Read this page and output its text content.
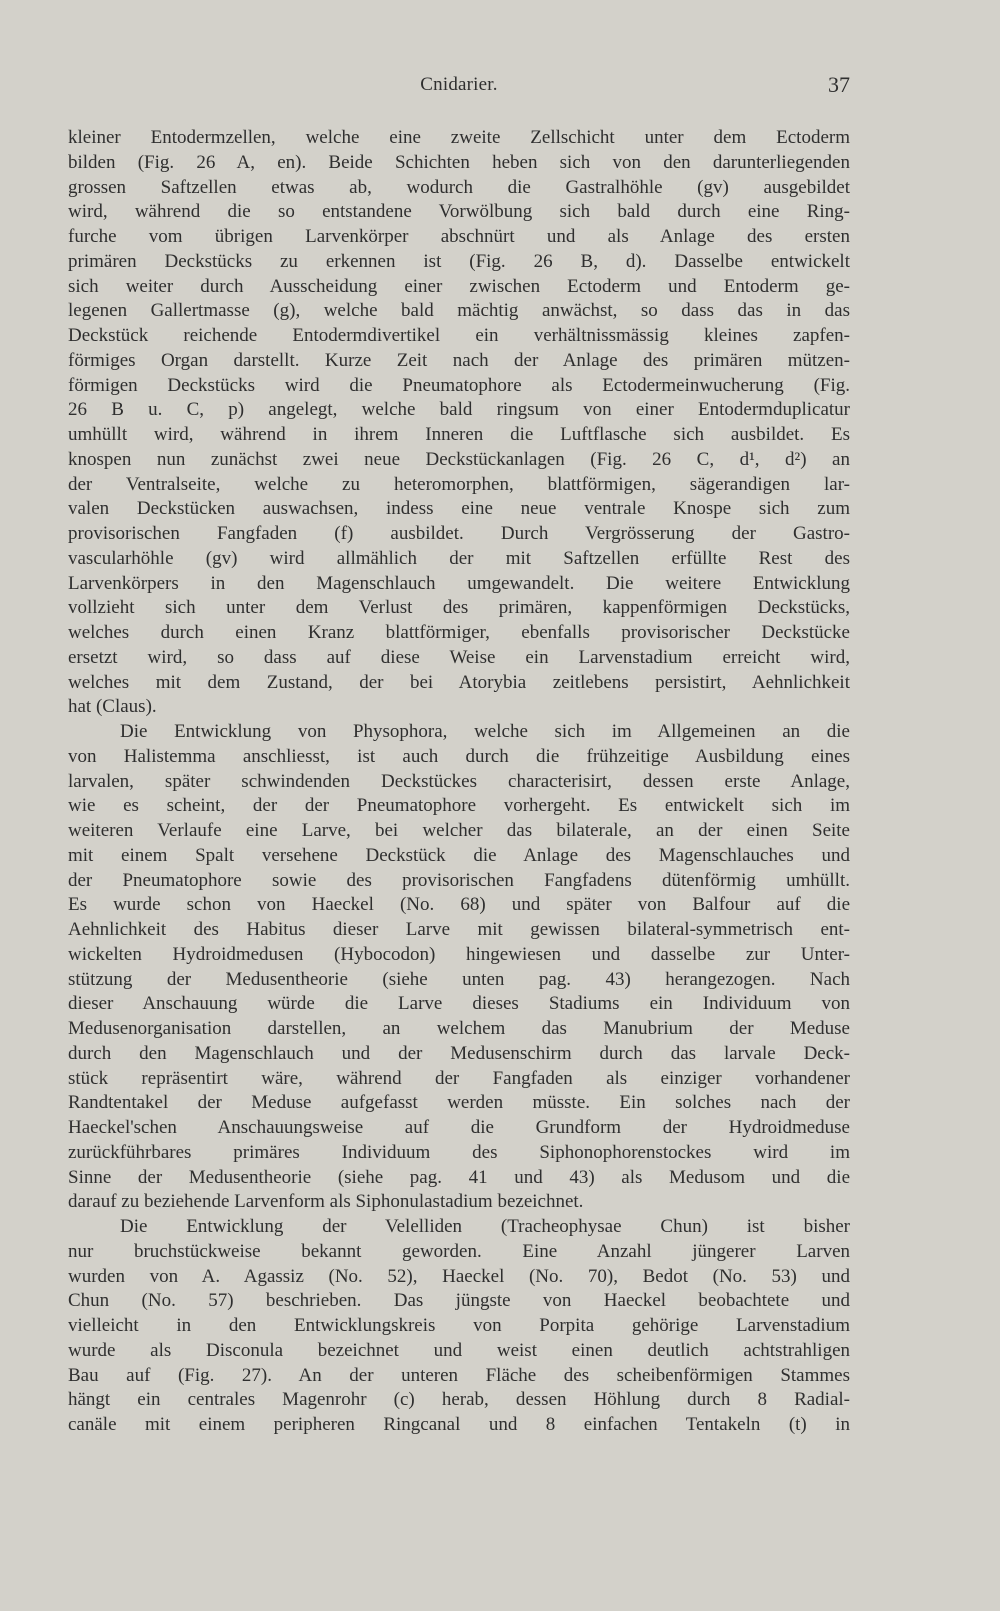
Cnidarier.	37
kleiner Entodermzellen, welche eine zweite Zellschicht unter dem Ectoderm
bilden (Fig. 26 A, en). Beide Schichten heben sich von den darunterliegenden
grossen Saftzellen etwas ab, wodurch die Gastralhöhle (gv) ausgebildet
wird, während die so entstandene Vorwölbung sich bald durch eine Ring-
furche vom übrigen Larvenkörper abschnürt und als Anlage des ersten
primären Deckstücks zu erkennen ist (Fig. 26 B, d). Dasselbe entwickelt
sich weiter durch Ausscheidung einer zwischen Ectoderm und Entoderm ge-
legenen Gallertmasse (g), welche bald mächtig anwächst, so dass das in das
Deckstück reichende Entodermdivertikel ein verhältnissmässig kleines zapfen-
förmiges Organ darstellt. Kurze Zeit nach der Anlage des primären mützen-
förmigen Deckstücks wird die Pneumatophore als Ectodermeinwucherung (Fig.
26 B u. C, p) angelegt, welche bald ringsum von einer Entodermduplicatur
umhüllt wird, während in ihrem Inneren die Luftflasche sich ausbildet. Es
knospen nun zunächst zwei neue Deckstückanlagen (Fig. 26 C, d¹, d²) an
der Ventralseite, welche zu heteromorphen, blattförmigen, sägerandigen lar-
valen Deckstücken auswachsen, indess eine neue ventrale Knospe sich zum
provisorischen Fangfaden (f) ausbildet. Durch Vergrösserung der Gastro-
vascularhöhle (gv) wird allmählich der mit Saftzellen erfüllte Rest des
Larvenkörpers in den Magenschlauch umgewandelt. Die weitere Entwicklung
vollzieht sich unter dem Verlust des primären, kappenförmigen Deckstücks,
welches durch einen Kranz blattförmiger, ebenfalls provisorischer Deckstücke
ersetzt wird, so dass auf diese Weise ein Larvenstadium erreicht wird,
welches mit dem Zustand, der bei Atorybia zeitlebens persistirt, Aehnlichkeit
hat (Claus).
Die Entwicklung von Physophora, welche sich im Allgemeinen an die
von Halistemma anschliesst, ist auch durch die frühzeitige Ausbildung eines
larvalen, später schwindenden Deckstückes characterisirt, dessen erste Anlage,
wie es scheint, der der Pneumatophore vorhergeht. Es entwickelt sich im
weiteren Verlaufe eine Larve, bei welcher das bilaterale, an der einen Seite
mit einem Spalt versehene Deckstück die Anlage des Magenschlauches und
der Pneumatophore sowie des provisorischen Fangfadens dütenförmig umhüllt.
Es wurde schon von Haeckel (No. 68) und später von Balfour auf die
Aehnlichkeit des Habitus dieser Larve mit gewissen bilateral-symmetrisch ent-
wickelten Hydroidmedusen (Hybocodon) hingewiesen und dasselbe zur Unter-
stützung der Medusentheorie (siehe unten pag. 43) herangezogen. Nach
dieser Anschauung würde die Larve dieses Stadiums ein Individuum von
Medusenorganisation darstellen, an welchem das Manubrium der Meduse
durch den Magenschlauch und der Medusenschirm durch das larvale Deck-
stück repräsentirt wäre, während der Fangfaden als einziger vorhandener
Randtentakel der Meduse aufgefasst werden müsste. Ein solches nach der
Haeckel'schen Anschauungsweise auf die Grundform der Hydroidmeduse
zurückführbares primäres Individuum des Siphonophorenstockes wird im
Sinne der Medusentheorie (siehe pag. 41 und 43) als Medusom und die
darauf zu beziehende Larvenform als Siphonulastadium bezeichnet.
Die Entwicklung der Velelliden (Tracheophysae Chun) ist bisher
nur bruchstückweise bekannt geworden. Eine Anzahl jüngerer Larven
wurden von A. Agassiz (No. 52), Haeckel (No. 70), Bedot (No. 53) und
Chun (No. 57) beschrieben. Das jüngste von Haeckel beobachtete und
vielleicht in den Entwicklungskreis von Porpita gehörige Larvenstadium
wurde als Disconula bezeichnet und weist einen deutlich achtstrahligen
Bau auf (Fig. 27). An der unteren Fläche des scheibenförmigen Stammes
hängt ein centrales Magenrohr (c) herab, dessen Höhlung durch 8 Radial-
canäle mit einem peripheren Ringcanal und 8 einfachen Tentakeln (t) in
